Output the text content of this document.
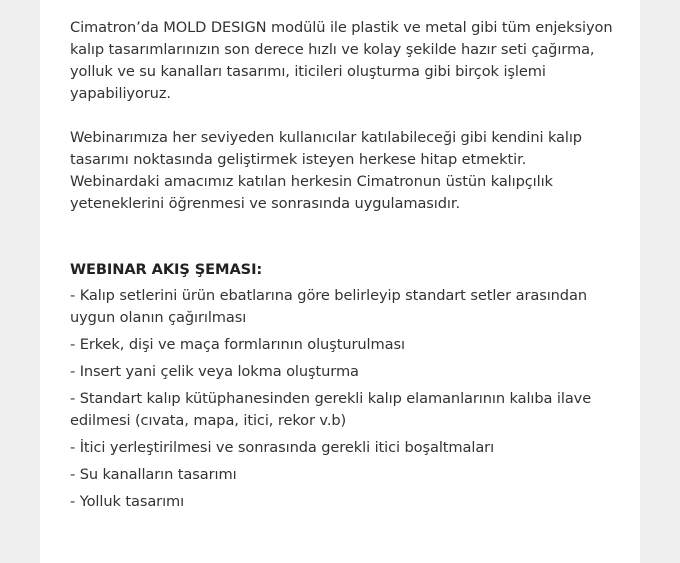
Cimatron’da MOLD DESIGN modülü ile plastik ve metal gibi tüm enjeksiyon kalıp tasarımlarınızın son derece hızlı ve kolay şekilde hazır seti çağırma, yolluk ve su kanalları tasarımı, iticileri oluşturma gibi birçok işlemi yapabiliyoruz.

Webinarımıza her seviyeden kullanıcılar katılabileceği gibi kendini kalıp tasarımı noktasında geliştirmek isteyen herkese hitap etmektir. Webinardaki amacımız katılan herkesin Cimatronun üstün kalıpçılık yeteneklerini öğrenmesi ve sonrasında uygulamasıdır.

WEBINAR AKIŞ ŞEMASI:
- Kalıp setlerini ürün ebatlarına göre belirleyip standart setler arasından uygun olanın çağırılması
- Erkek, dişi ve maça formlarının oluşturulması
- Insert yani çelik veya lokma oluşturma
- Standart kalıp kütüphanesinden gerekli kalıp elamanlarının kalıba ilave edilmesi (cıvata, mapa, itici, rekor v.b)
- İtici yerleştirilmesi ve sonrasında gerekli itici boşaltmaları
- Su kanalların tasarımı
- Yolluk tasarımı
